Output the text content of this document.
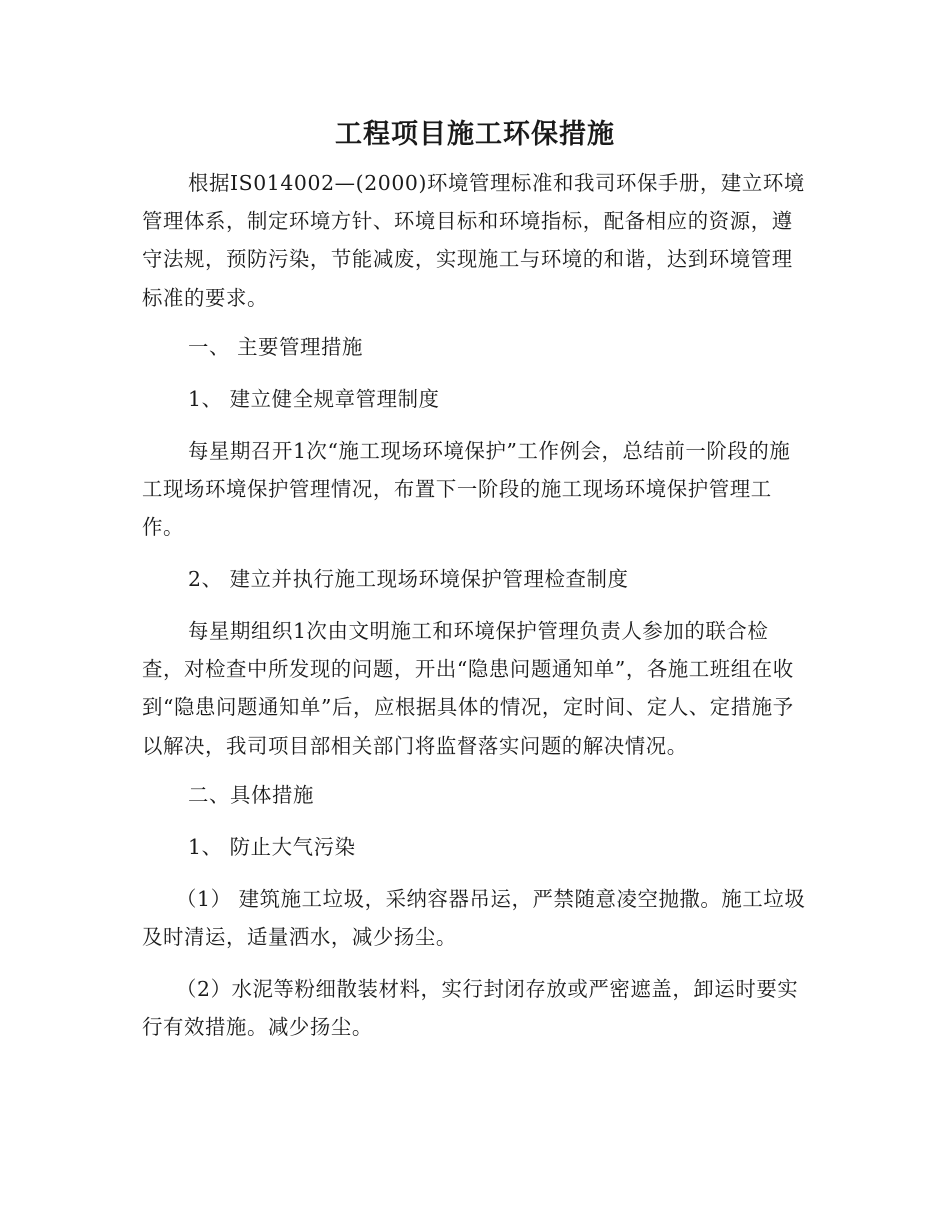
工程项目施工环保措施

根据IS014002—(2000)环境管理标准和我司环保手册，建立环境管理体系，制定环境方针、环境目标和环境指标，配备相应的资源，遵守法规，预防污染，节能减废，实现施工与环境的和谐，达到环境管理标准的要求。

一、 主要管理措施

1、 建立健全规章管理制度

每星期召开1次“施工现场环境保护”工作例会，总结前一阶段的施工现场环境保护管理情况，布置下一阶段的施工现场环境保护管理工作。

2、 建立并执行施工现场环境保护管理检查制度

每星期组织1次由文明施工和环境保护管理负责人参加的联合检查，对检查中所发现的问题，开出“隐患问题通知单”，各施工班组在收到“隐患问题通知单”后，应根据具体的情况，定时间、定人、定措施予以解决，我司项目部相关部门将监督落实问题的解决情况。

二、具体措施

1、 防止大气污染

（1） 建筑施工垃圾，采纳容器吊运，严禁随意凌空抛撒。施工垃圾及时清运，适量洒水，减少扬尘。

（2）水泥等粉细散装材料，实行封闭存放或严密遮盖，卸运时要实行有效措施。减少扬尘。
